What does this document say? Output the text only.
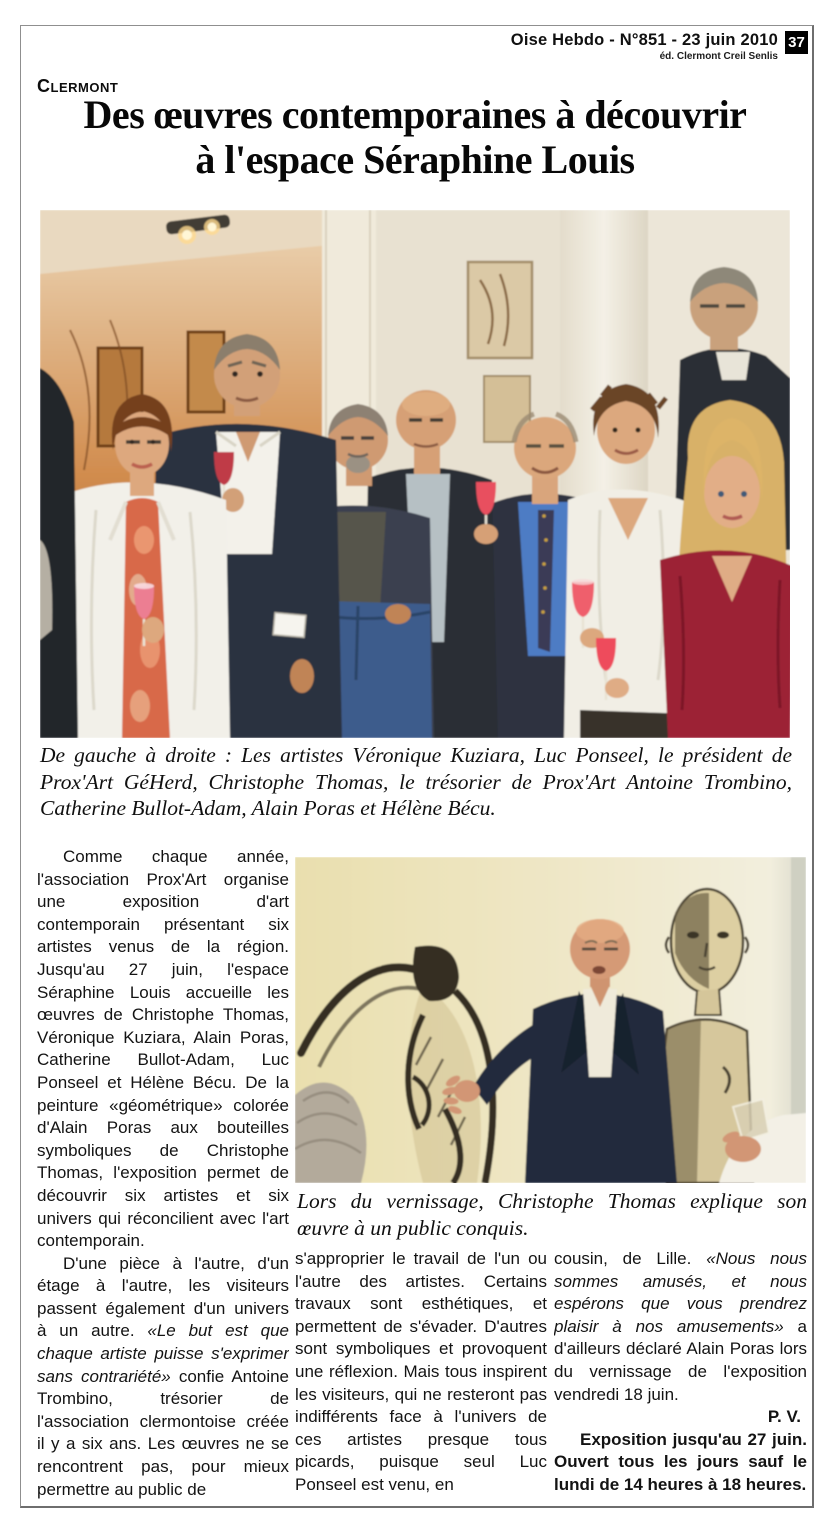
Oise Hebdo - N°851 - 23 juin 2010
éd. Clermont Creil Senlis
37
Clermont
Des œuvres contemporaines à découvrir
à l'espace Séraphine Louis

De gauche à droite : Les artistes Véronique Kuziara, Luc Ponseel, le président de Prox'Art GéHerd, Christophe Thomas, le trésorier de Prox'Art Antoine Trombino, Catherine Bullot-Adam, Alain Poras et Hélène Bécu.

Comme chaque année, l'association Prox'Art organise une exposition d'art contemporain présentant six artistes venus de la région. Jusqu'au 27 juin, l'espace Séraphine Louis accueille les œuvres de Christophe Thomas, Véronique Kuziara, Alain Poras, Catherine Bullot-Adam, Luc Ponseel et Hélène Bécu. De la peinture «géométrique» colorée d'Alain Poras aux bouteilles symboliques de Christophe Thomas, l'exposition permet de découvrir six artistes et six univers qui réconcilient avec l'art contemporain.

D'une pièce à l'autre, d'un étage à l'autre, les visiteurs passent également d'un univers à un autre. «Le but est que chaque artiste puisse s'exprimer sans contrariété» confie Antoine Trombino, trésorier de l'association clermontoise créée il y a six ans. Les œuvres ne se rencontrent pas, pour mieux permettre au public de

Lors du vernissage, Christophe Thomas explique son œuvre à un public conquis.

s'approprier le travail de l'un ou l'autre des artistes. Certains travaux sont esthétiques, et permettent de s'évader. D'autres sont symboliques et provoquent une réflexion. Mais tous inspirent les visiteurs, qui ne resteront pas indifférents face à l'univers de ces artistes presque tous picards, puisque seul Luc Ponseel est venu, en

cousin, de Lille. «Nous nous sommes amusés, et nous espérons que vous prendrez plaisir à nos amusements» a d'ailleurs déclaré Alain Poras lors du vernissage de l'exposition vendredi 18 juin.

P. V.

Exposition jusqu'au 27 juin. Ouvert tous les jours sauf le lundi de 14 heures à 18 heures.
